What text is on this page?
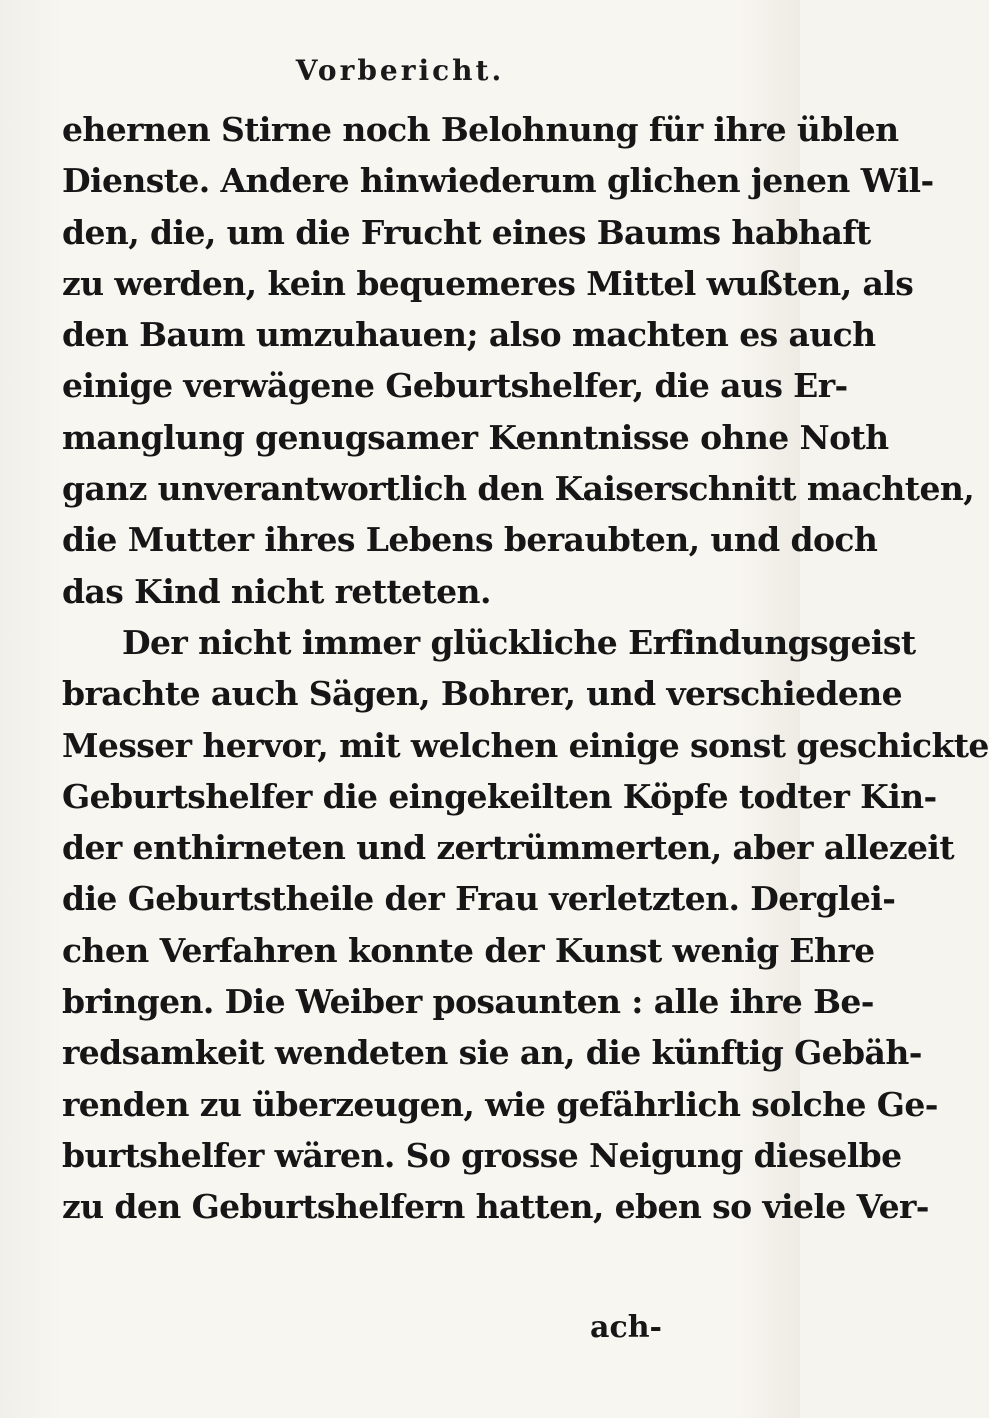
Vorbericht.
ehernen Stirne noch Belohnung für ihre üblen
Dienste. Andere hinwiederum glichen jenen Wil-
den, die, um die Frucht eines Baums habhaft
zu werden, kein bequemeres Mittel wußten, als
den Baum umzuhauen; also machten es auch
einige verwägene Geburtshelfer, die aus Er-
manglung genugsamer Kenntnisse ohne Noth
ganz unverantwortlich den Kaiserschnitt machten,
die Mutter ihres Lebens beraubten, und doch
das Kind nicht retteten.
Der nicht immer glückliche Erfindungsgeist
brachte auch Sägen, Bohrer, und verschiedene
Messer hervor, mit welchen einige sonst geschickte
Geburtshelfer die eingekeilten Köpfe todter Kin-
der enthirneten und zertrümmerten, aber allezeit
die Geburtstheile der Frau verletzten. Derglei-
chen Verfahren konnte der Kunst wenig Ehre
bringen. Die Weiber posaunten : alle ihre Be-
redsamkeit wendeten sie an, die künftig Gebäh-
renden zu überzeugen, wie gefährlich solche Ge-
burtshelfer wären. So grosse Neigung dieselbe
zu den Geburtshelfern hatten, eben so viele Ver-
ach-
